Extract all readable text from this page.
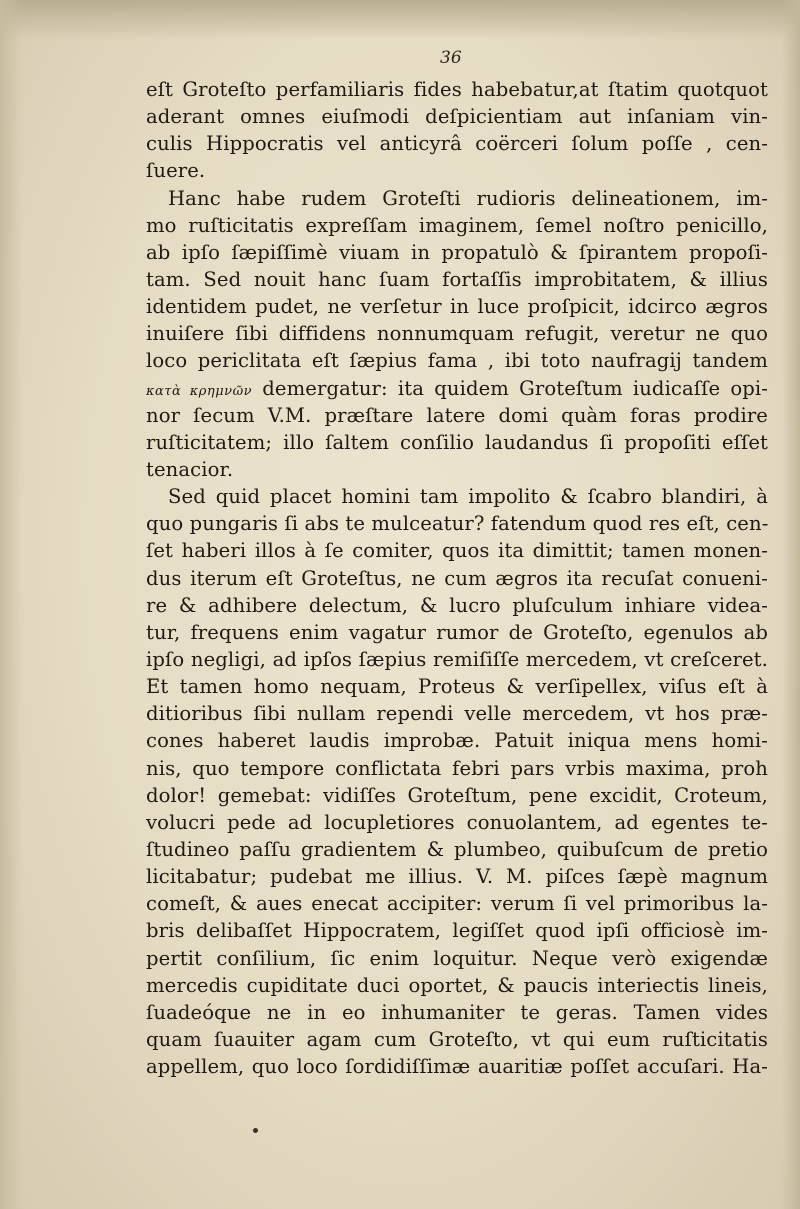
36
eſt Groteſto perfamiliaris fides habebatur,at ſtatim quotquot
aderant omnes eiuſmodi deſpicientiam aut inſaniam vin-
culis Hippocratis vel anticyrâ coërceri ſolum poſſe , cen-
ſuere.
Hanc habe rudem Groteſti rudioris delineationem, im-
mo ruſticitatis expreſſam imaginem, ſemel noſtro penicillo,
ab ipſo ſæpiſſimè viuam in propatulò & ſpirantem propoſi-
tam. Sed nouit hanc ſuam fortaſſis improbitatem, & illius
identidem pudet, ne verſetur in luce proſpicit, idcirco ægros
inuiſere ſibi diffidens nonnumquam refugit, veretur ne quo
loco periclitata eſt ſæpius fama , ibi toto naufragij tandem
κατὰ κρημνῶν demergatur: ita quidem Groteſtum iudicaſſe opi-
nor ſecum V.M. præſtare latere domi quàm foras prodire
ruſticitatem; illo ſaltem conſilio laudandus ſi propoſiti eſſet
tenacior.
Sed quid placet homini tam impolito & ſcabro blandiri, à
quo pungaris ſi abs te mulceatur? fatendum quod res eſt, cen-
ſet haberi illos à ſe comiter, quos ita dimittit; tamen monen-
dus iterum eſt Groteſtus, ne cum ægros ita recuſat conueni-
re & adhibere delectum, & lucro pluſculum inhiare videa-
tur, frequens enim vagatur rumor de Groteſto, egenulos ab
ipſo negligi, ad ipſos ſæpius remiſiſſe mercedem, vt creſceret.
Et tamen homo nequam, Proteus & verſipellex, viſus eſt à
ditioribus ſibi nullam rependi velle mercedem, vt hos præ-
cones haberet laudis improbæ. Patuit iniqua mens homi-
nis, quo tempore conflictata febri pars vrbis maxima, proh
dolor! gemebat: vidiſſes Groteſtum, pene excidit, Croteum,
volucri pede ad locupletiores conuolantem, ad egentes te-
ſtudineo paſſu gradientem & plumbeo, quibuſcum de pretio
licitabatur; pudebat me illius. V. M. piſces ſæpè magnum
comeſt, & aues enecat accipiter: verum ſi vel primoribus la-
bris delibaſſet Hippocratem, legiſſet quod ipſi officiosè im-
pertit conſilium, ſic enim loquitur. Neque verò exigendæ
mercedis cupiditate duci oportet, & paucis interiectis lineis,
ſuadeóque ne in eo inhumaniter te geras. Tamen vides
quam ſuauiter agam cum Groteſto, vt qui eum ruſticitatis
appellem, quo loco ſordidiſſimæ auaritiæ poſſet accuſari. Ha-
